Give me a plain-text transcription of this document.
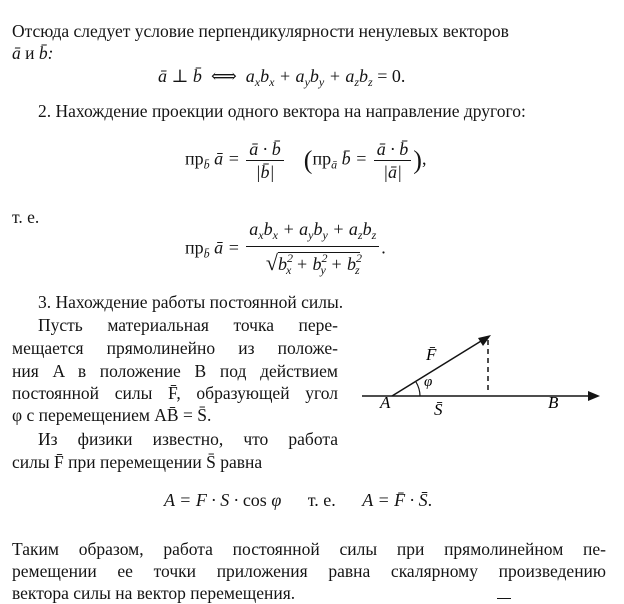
Отсюда следует условие перпендикулярности ненулевых векторов
ā и b̄:
ā ⊥ b̄  ⟺  $a_xb_x + a_yb_y + a_zb_z = 0$.
2. Нахождение проекции одного вектора на направление другого:
$пр_{b̄}$ ā = $\frac{ā \cdot b̄}{|b̄|} (пр_ā$ b̄ = $\frac{ā \cdot b̄}{|ā|}$ ),
т. е.
$пр_{b̄}$ ā = $\frac{a_xb_x + a_yb_y + a_zb_z}{√b^2_x + b^2_y + b^2_z}$ .
3. Нахождение работы постоянной силы.
Пусть материальная точка пере-
мещается прямолинейно из положе-
ния A в положение B под действием
постоянной силы F̄, образующей угол
φ с перемещением AB̄ = S̄.
Из физики известно, что работа
силы F̄ при перемещении S̄ равна
F̄
φ
A	S̄	B
A = F · S · cos φ т. е. A = F̄ · S̄.
Таким образом, работа постоянной силы при прямолинейном пе-
ремещении ее точки приложения равна скалярному произведению
вектора силы на вектор перемещения.
